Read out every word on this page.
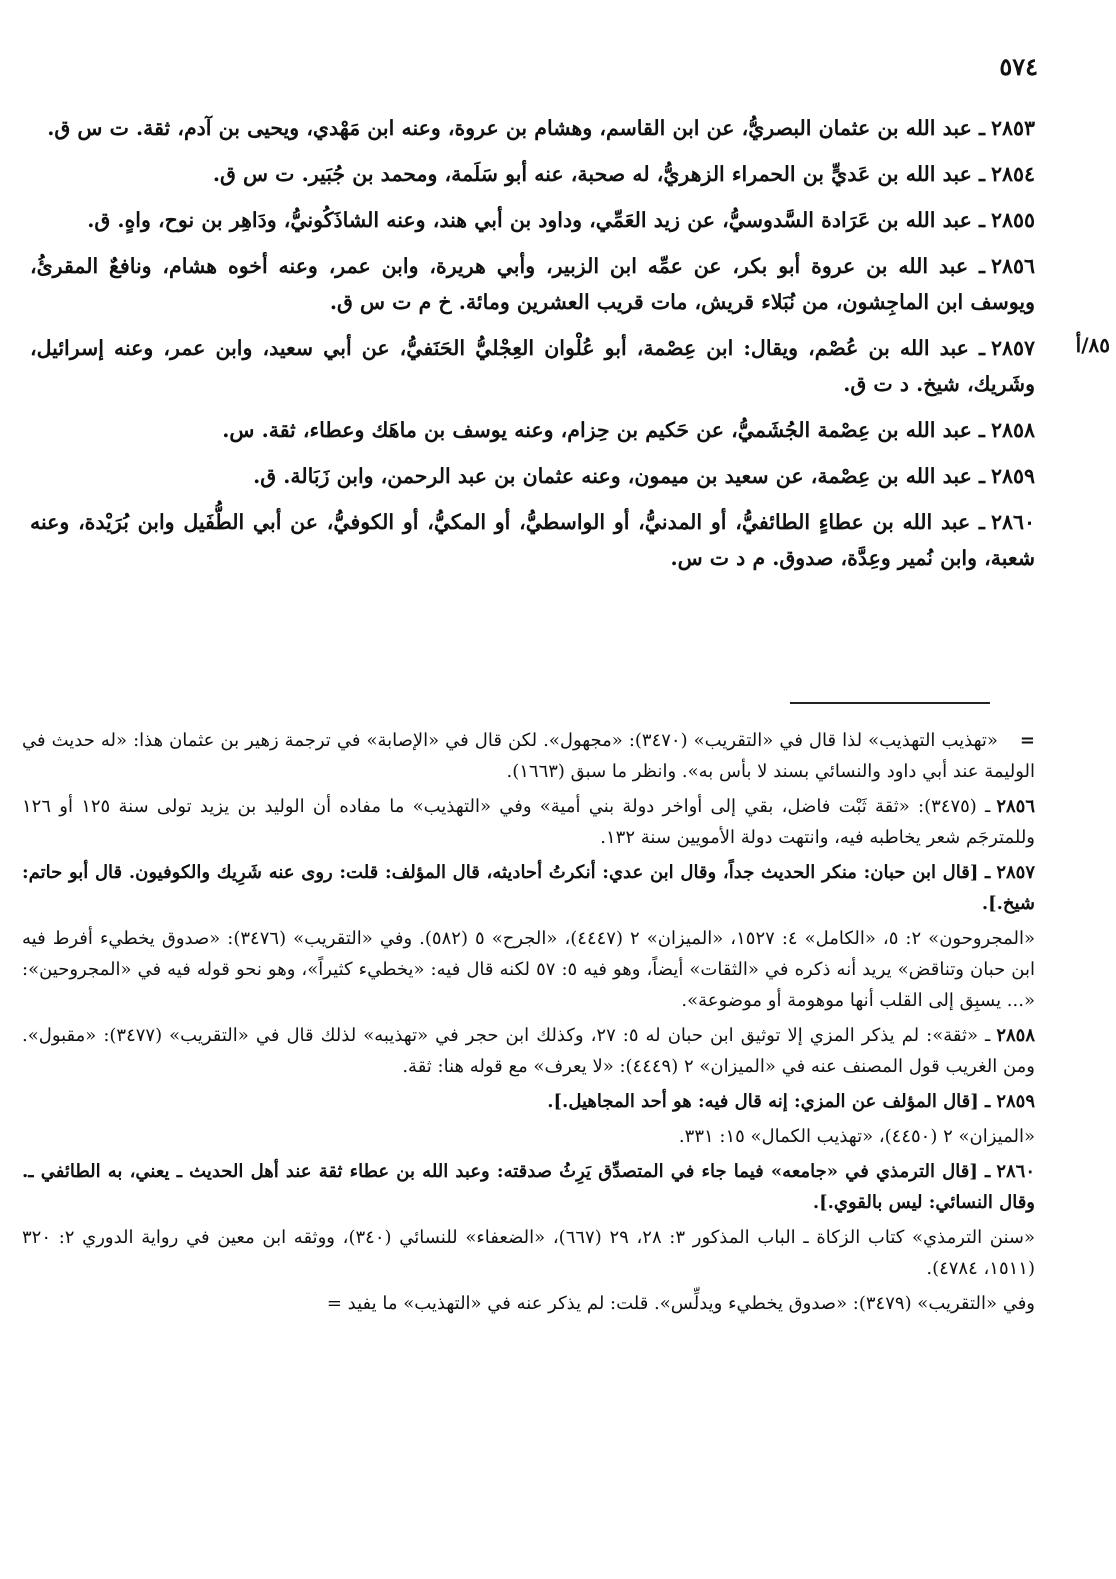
٥٧٤

٢٨٥٣ـ عبد الله بن عثمان البصريُّ، عن ابن القاسم، وهشام بن عروة، وعنه ابن مَهْدي، ويحيى بن آدم، ثقة. ت س ق.

٢٨٥٤ـ عبد الله بن عَديٍّ بن الحمراء الزهريُّ، له صحبة، عنه أبو سَلَمة، ومحمد بن جُبَير. ت س ق.

٢٨٥٥ـ عبد الله بن عَرَادة السَّدوسيُّ، عن زيد العَمِّي، وداود بن أبي هند، وعنه الشاذَكُونيُّ، ودَاهِر بن نوح، واهٍ. ق.

٢٨٥٦ـ عبد الله بن عروة أبو بكر، عن عمِّه ابن الزبير، وأبي هريرة، وابن عمر، وعنه أخوه هشام، ونافعٌ المقرئُ، ويوسف ابن الماجِشون، من نُبَلاء قريش، مات قريب العشرين ومائة. خ م ت س ق.

٢٨٥٧ـ عبد الله بن عُصْم، ويقال: ابن عِصْمة، أبو عُلْوان العِجْليُّ الحَنَفيُّ، عن أبي سعيد، وابن عمر، وعنه إسرائيل، وشَريك، شيخ. د ت ق.

٢٨٥٨ـ عبد الله بن عِصْمة الجُشَميُّ، عن حَكيم بن حِزام، وعنه يوسف بن ماهَك وعطاء، ثقة. س.

٢٨٥٩ـ عبد الله بن عِصْمة، عن سعيد بن ميمون، وعنه عثمان بن عبد الرحمن، وابن زَبَالة. ق.

٢٨٦٠ـ عبد الله بن عطاءٍ الطائفيُّ، أو المدنيُّ، أو الواسطيُّ، أو المكيُّ، أو الكوفيُّ، عن أبي الطُّفَيل وابن بُرَيْدة، وعنه شعبة، وابن نُمير وعِدَّة، صدوق. م د ت س.

٨٥/أ

=«تهذيب التهذيب» لذا قال في «التقريب» (٣٤٧٠): «مجهول». لكن قال في «الإصابة» في ترجمة زهير بن عثمان هذا: «له حديث في الوليمة عند أبي داود والنسائي بسند لا بأس به». وانظر ما سبق (١٦٦٣).

٢٨٥٦ـ (٣٤٧٥): «ثقة ثَبْت فاضل، بقي إلى أواخر دولة بني أمية» وفي «التهذيب» ما مفاده أن الوليد بن يزيد تولى سنة ١٢٥ أو ١٢٦ وللمترجَم شعر يخاطبه فيه، وانتهت دولة الأمويين سنة ١٣٢.

٢٨٥٧ـ [قال ابن حبان: منكر الحديث جداً، وقال ابن عدي: أنكرتُ أحاديثه، قال المؤلف: قلت: روى عنه شَرِيك والكوفيون. قال أبو حاتم: شيخ.].

«المجروحون» ٢: ٥، «الكامل» ٤: ١٥٢٧، «الميزان» ٢ (٤٤٤٧)، «الجرح» ٥ (٥٨٢). وفي «التقريب» (٣٤٧٦): «صدوق يخطيء أفرط فيه ابن حبان وتناقض» يريد أنه ذكره في «الثقات» أيضاً، وهو فيه ٥: ٥٧ لكنه قال فيه: «يخطيء كثيراً»، وهو نحو قوله فيه في «المجروحين»: «... يسبِق إلى القلب أنها موهومة أو موضوعة».

٢٨٥٨ـ «ثقة»: لم يذكر المزي إلا توثيق ابن حبان له ٥: ٢٧، وكذلك ابن حجر في «تهذيبه» لذلك قال في «التقريب» (٣٤٧٧): «مقبول». ومن الغريب قول المصنف عنه في «الميزان» ٢ (٤٤٤٩): «لا يعرف» مع قوله هنا: ثقة.

٢٨٥٩ـ [قال المؤلف عن المزي: إنه قال فيه: هو أحد المجاهيل.].

«الميزان» ٢ (٤٤٥٠)، «تهذيب الكمال» ١٥: ٣٣١.

٢٨٦٠ـ [قال الترمذي في «جامعه» فيما جاء في المتصدِّق يَرِثُ صدقته: وعبد الله بن عطاء ثقة عند أهل الحديث ـ يعني، به الطائفي ـ. وقال النسائي: ليس بالقوي.].

«سنن الترمذي» كتاب الزكاة ـ الباب المذكور ٣: ٢٨، ٢٩ (٦٦٧)، «الضعفاء» للنسائي (٣٤٠)، ووثقه ابن معين في رواية الدوري ٢: ٣٢٠ (١٥١١، ٤٧٨٤).

وفي «التقريب» (٣٤٧٩): «صدوق يخطيء ويدلِّس». قلت: لم يذكر عنه في «التهذيب» ما يفيد =
